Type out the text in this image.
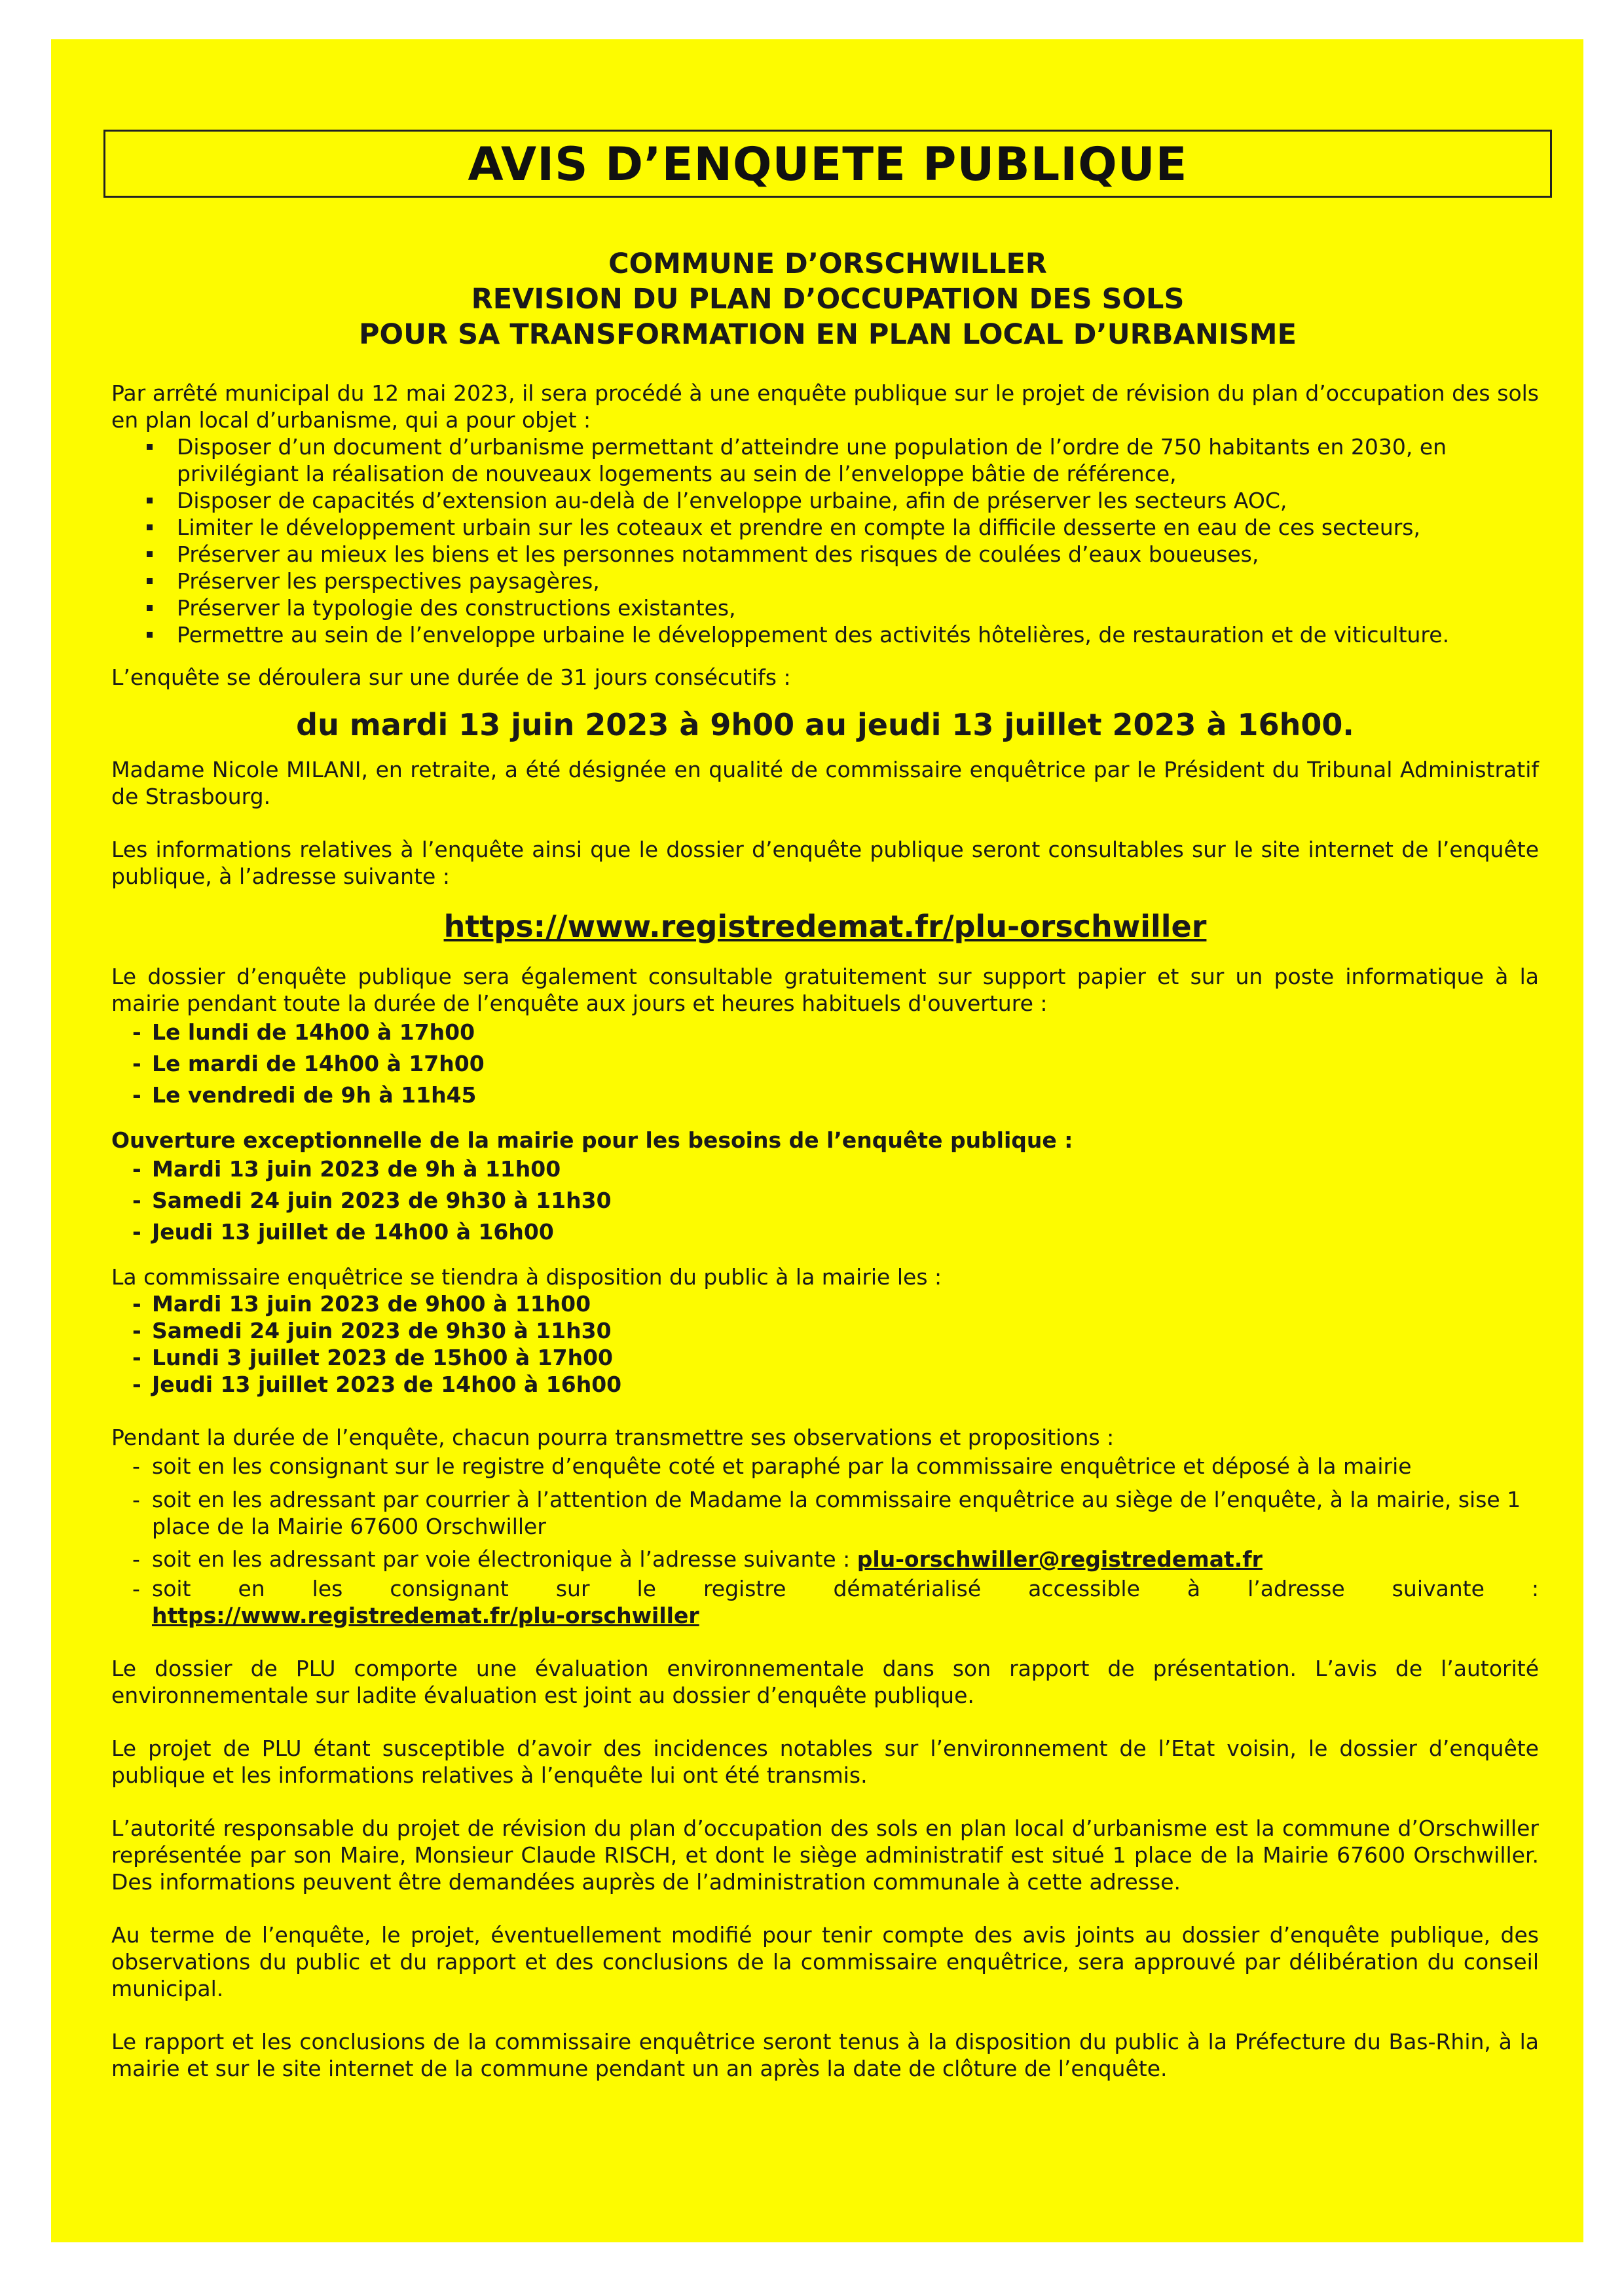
AVIS D’ENQUETE PUBLIQUE
COMMUNE D’ORSCHWILLER
REVISION DU PLAN D’OCCUPATION DES SOLS
POUR SA TRANSFORMATION EN PLAN LOCAL D’URBANISME

Par arrêté municipal du 12 mai 2023, il sera procédé à une enquête publique sur le projet de révision du plan d’occupation des sols en plan local d’urbanisme, qui a pour objet :

Disposer d’un document d’urbanisme permettant d’atteindre une population de l’ordre de 750 habitants en 2030, en privilégiant la réalisation de nouveaux logements au sein de l’enveloppe bâtie de référence,
Disposer de capacités d’extension au-delà de l’enveloppe urbaine, afin de préserver les secteurs AOC,
Limiter le développement urbain sur les coteaux et prendre en compte la difficile desserte en eau de ces secteurs,
Préserver au mieux les biens et les personnes notamment des risques de coulées d’eaux boueuses,
Préserver les perspectives paysagères,
Préserver la typologie des constructions existantes,
Permettre au sein de l’enveloppe urbaine le développement des activités hôtelières, de restauration et de viticulture.

L’enquête se déroulera sur une durée de 31 jours consécutifs :

du mardi 13 juin 2023 à 9h00 au jeudi 13 juillet 2023 à 16h00.

Madame Nicole MILANI, en retraite, a été désignée en qualité de commissaire enquêtrice par le Président du Tribunal Administratif de Strasbourg.

Les informations relatives à l’enquête ainsi que le dossier d’enquête publique seront consultables sur le site internet de l’enquête publique, à l’adresse suivante :

https://www.registredemat.fr/plu-orschwiller

Le dossier d’enquête publique sera également consultable gratuitement sur support papier et sur un poste informatique à la mairie pendant toute la durée de l’enquête aux jours et heures habituels d'ouverture :

- Le lundi de 14h00 à 17h00
- Le mardi de 14h00 à 17h00
- Le vendredi de 9h à 11h45

Ouverture exceptionnelle de la mairie pour les besoins de l’enquête publique :

- Mardi 13 juin 2023 de 9h à 11h00
- Samedi 24 juin 2023 de 9h30 à 11h30
- Jeudi 13 juillet de 14h00 à 16h00

La commissaire enquêtrice se tiendra à disposition du public à la mairie les :

- Mardi 13 juin 2023 de 9h00 à 11h00
- Samedi 24 juin 2023 de 9h30 à 11h30
- Lundi 3 juillet 2023 de 15h00 à 17h00
- Jeudi 13 juillet 2023 de 14h00 à 16h00

Pendant la durée de l’enquête, chacun pourra transmettre ses observations et propositions :

- soit en les consignant sur le registre d’enquête coté et paraphé par la commissaire enquêtrice et déposé à la mairie
- soit en les adressant par courrier à l’attention de Madame la commissaire enquêtrice au siège de l’enquête, à la mairie, sise 1 place de la Mairie 67600 Orschwiller
- soit en les adressant par voie électronique à l’adresse suivante : plu-orschwiller@registredemat.fr
- soit en les consignant sur le registre dématérialisé accessible à l’adresse suivante :
https://www.registredemat.fr/plu-orschwiller

Le dossier de PLU comporte une évaluation environnementale dans son rapport de présentation. L’avis de l’autorité environnementale sur ladite évaluation est joint au dossier d’enquête publique.

Le projet de PLU étant susceptible d’avoir des incidences notables sur l’environnement de l’Etat voisin, le dossier d’enquête publique et les informations relatives à l’enquête lui ont été transmis.

L’autorité responsable du projet de révision du plan d’occupation des sols en plan local d’urbanisme est la commune d’Orschwiller représentée par son Maire, Monsieur Claude RISCH, et dont le siège administratif est situé 1 place de la Mairie 67600 Orschwiller. Des informations peuvent être demandées auprès de l’administration communale à cette adresse.

Au terme de l’enquête, le projet, éventuellement modifié pour tenir compte des avis joints au dossier d’enquête publique, des observations du public et du rapport et des conclusions de la commissaire enquêtrice, sera approuvé par délibération du conseil municipal.

Le rapport et les conclusions de la commissaire enquêtrice seront tenus à la disposition du public à la Préfecture du Bas-Rhin, à la mairie et sur le site internet de la commune pendant un an après la date de clôture de l’enquête.
